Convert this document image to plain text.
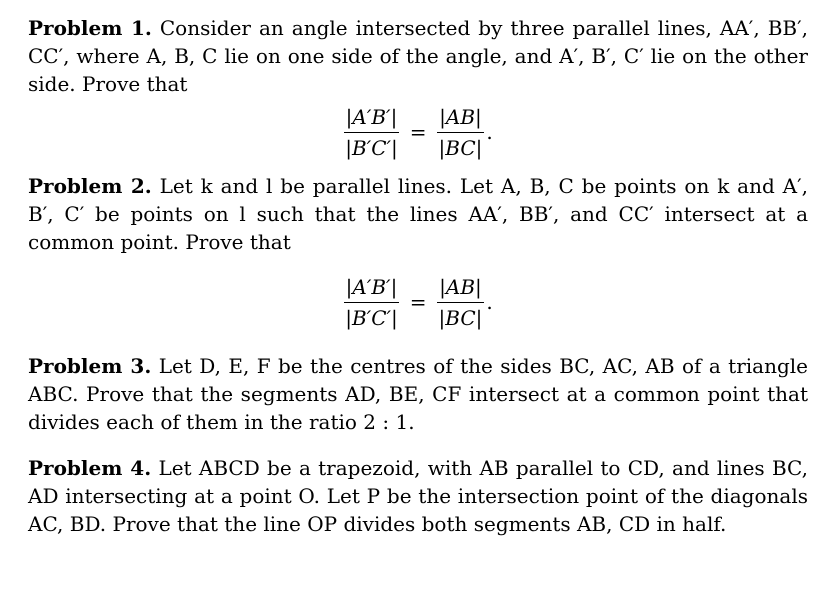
Problem 1. Consider an angle intersected by three parallel lines, AA′, BB′, CC′, where A, B, C lie on one side of the angle, and A′, B′, C′ lie on the other side. Prove that

$\frac{|A'B'|}{|B'C'|} = \frac{|AB|}{|BC|}$ .

Problem 2. Let k and l be parallel lines. Let A, B, C be points on k and A′, B′, C′ be points on l such that the lines AA′, BB′, and CC′ intersect at a common point. Prove that

$\frac{|A'B'|}{|B'C'|} = \frac{|AB|}{|BC|}$ .

Problem 3. Let D, E, F be the centres of the sides BC, AC, AB of a triangle ABC. Prove that the segments AD, BE, CF intersect at a common point that divides each of them in the ratio 2 : 1.

Problem 4. Let ABCD be a trapezoid, with AB parallel to CD, and lines BC, AD intersecting at a point O. Let P be the intersection point of the diagonals AC, BD. Prove that the line OP divides both segments AB, CD in half.
